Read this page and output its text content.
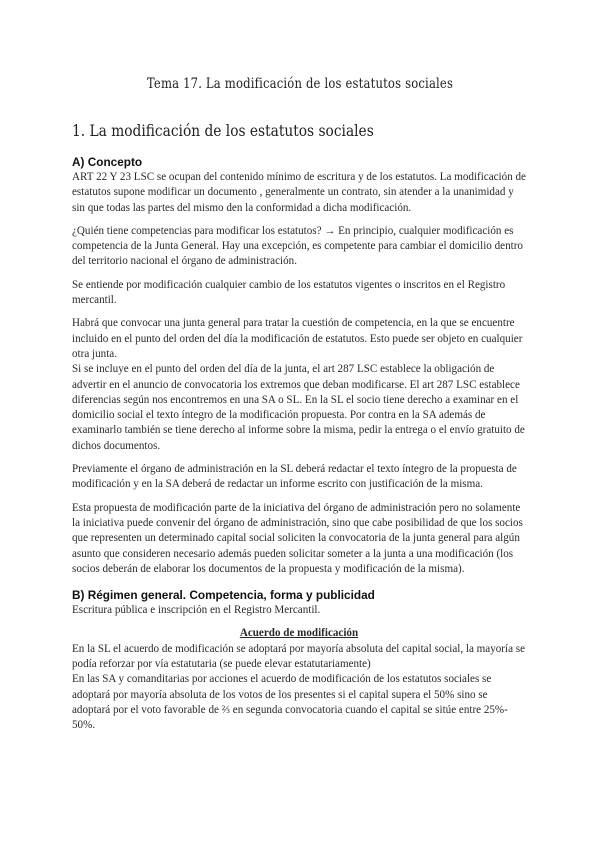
Tema 17. La modificación de los estatutos sociales
1. La modificación de los estatutos sociales
A) Concepto

ART 22 Y 23 LSC se ocupan del contenido mínimo de escritura y de los estatutos. La modificación de estatutos supone modificar un documento , generalmente un contrato, sin atender a la unanimidad y sin que todas las partes del mismo den la conformidad a dicha modificación.

¿Quién tiene competencias para modificar los estatutos? → En principio, cualquier modificación es competencia de la Junta General. Hay una excepción, es competente para cambiar el domicilio dentro del territorio nacional el órgano de administración.

Se entiende por modificación cualquier cambio de los estatutos vigentes o inscritos en el Registro mercantil.

Habrá que convocar una junta general para tratar la cuestión de competencia, en la que se encuentre incluido en el punto del orden del día la modificación de estatutos. Esto puede ser objeto en cualquier otra junta.

Si se incluye en el punto del orden del día de la junta, el art 287 LSC establece la obligación de advertir en el anuncio de convocatoria los extremos que deban modificarse. El art 287 LSC establece diferencias según nos encontremos en una SA o SL. En la SL el socio tiene derecho a examinar en el domicilio social el texto íntegro de la modificación propuesta. Por contra en la SA además de examinarlo también se tiene derecho al informe sobre la misma, pedir la entrega o el envío gratuito de dichos documentos.

Previamente el órgano de administración en la SL deberá redactar el texto íntegro de la propuesta de modificación y en la SA deberá de redactar un informe escrito con justificación de la misma.

Esta propuesta de modificación parte de la iniciativa del órgano de administración pero no solamente la iniciativa puede convenir del órgano de administración, sino que cabe posibilidad de que los socios que representen un determinado capital social soliciten la convocatoria de la junta general para algún asunto que consideren necesario además pueden solicitar someter a la junta a una modificación (los socios deberán de elaborar los documentos de la propuesta y modificación de la misma).

B) Régimen general. Competencia, forma y publicidad

Escritura pública e inscripción en el Registro Mercantil.

Acuerdo de modificación

En la SL el acuerdo de modificación se adoptará por mayoría absoluta del capital social, la mayoría se podía reforzar por vía estatutaria (se puede elevar estatutariamente)

En las SA y comanditarias por acciones el acuerdo de modificación de los estatutos sociales se adoptará por mayoría absoluta de los votos de los presentes si el capital supera el 50% sino se adoptará por el voto favorable de ⅔ en segunda convocatoria cuando el capital se sitúe entre 25%- 50%.
